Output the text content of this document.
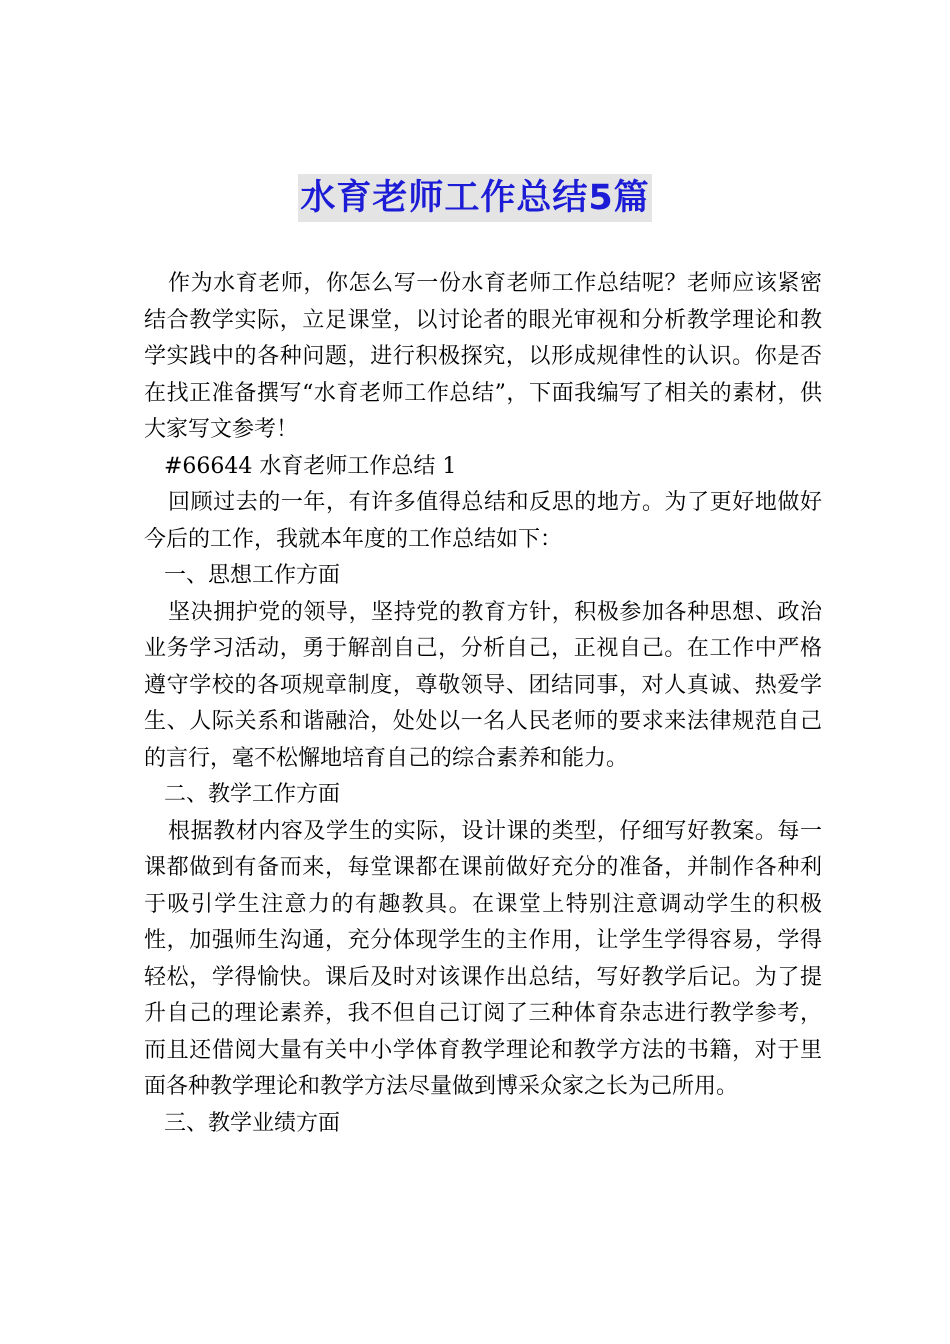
水育老师工作总结5篇

作为水育老师，你怎么写一份水育老师工作总结呢？老师应该紧密结合教学实际，立足课堂，以讨论者的眼光审视和分析教学理论和教学实践中的各种问题，进行积极探究，以形成规律性的认识。你是否在找正准备撰写“水育老师工作总结”，下面我编写了相关的素材，供大家写文参考！

#66644 水育老师工作总结 1

回顾过去的一年，有许多值得总结和反思的地方。为了更好地做好今后的工作，我就本年度的工作总结如下：

一、思想工作方面

坚决拥护党的领导，坚持党的教育方针，积极参加各种思想、政治业务学习活动，勇于解剖自己，分析自己，正视自己。在工作中严格遵守学校的各项规章制度，尊敬领导、团结同事，对人真诚、热爱学生、人际关系和谐融洽，处处以一名人民老师的要求来法律规范自己的言行，毫不松懈地培育自己的综合素养和能力。

二、教学工作方面

根据教材内容及学生的实际，设计课的类型，仔细写好教案。每一课都做到有备而来，每堂课都在课前做好充分的准备，并制作各种利于吸引学生注意力的有趣教具。在课堂上特别注意调动学生的积极性，加强师生沟通，充分体现学生的主作用，让学生学得容易，学得轻松，学得愉快。课后及时对该课作出总结，写好教学后记。为了提升自己的理论素养，我不但自己订阅了三种体育杂志进行教学参考，而且还借阅大量有关中小学体育教学理论和教学方法的书籍，对于里面各种教学理论和教学方法尽量做到博采众家之长为己所用。

三、教学业绩方面
